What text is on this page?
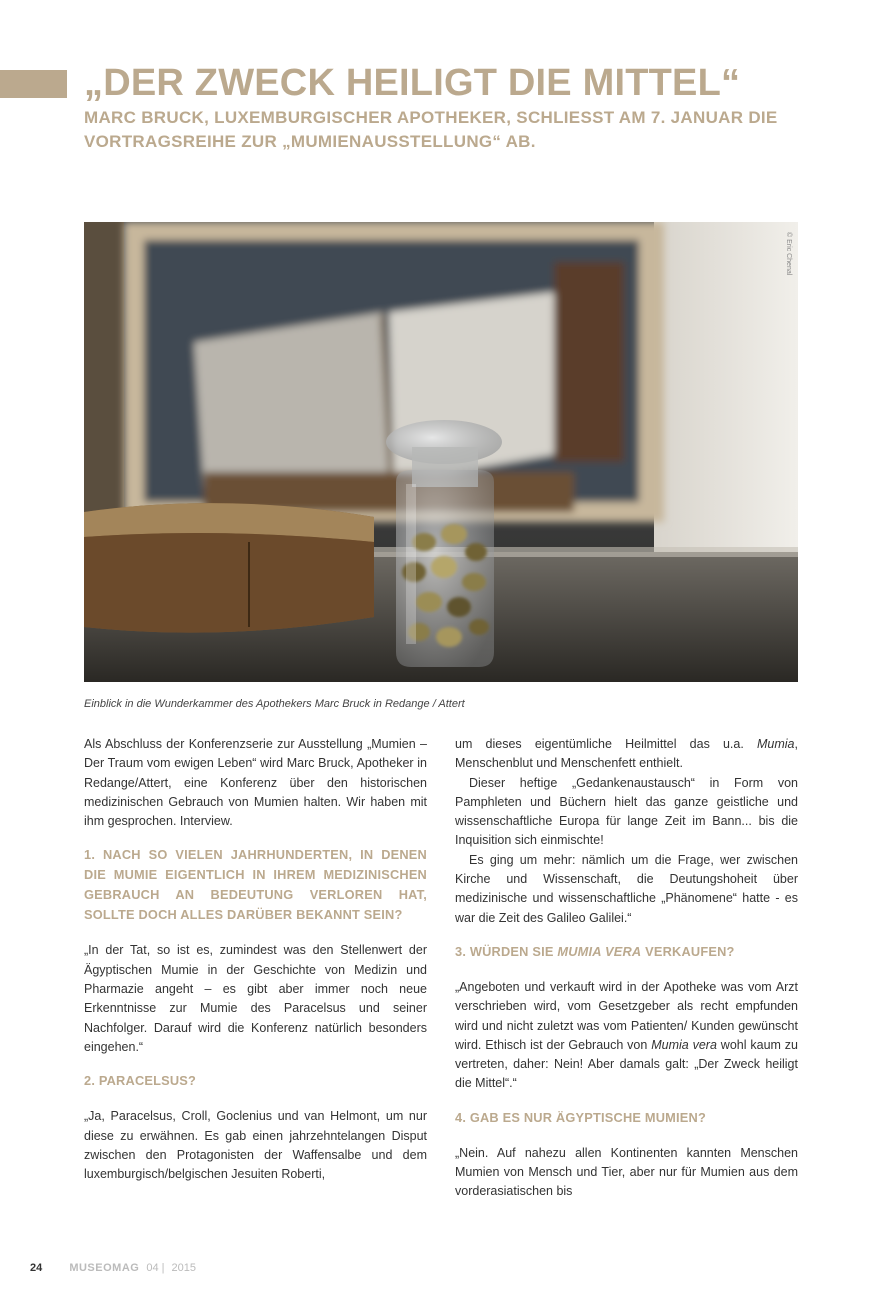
„DER ZWECK HEILIGT DIE MITTEL“
MARC BRUCK, LUXEMBURGISCHER APOTHEKER, SCHLIESST AM 7. JANUAR DIE VORTRAGSREIHE ZUR „MUMIENAUSSTELLUNG“ AB.
© Eric Chenal

Einblick in die Wunderkammer des Apothekers Marc Bruck in Redange / Attert

Als Abschluss der Konferenzserie zur Ausstellung „Mumien – Der Traum vom ewigen Leben“ wird Marc Bruck, Apotheker in Redange/Attert, eine Konferenz über den historischen medizinischen Gebrauch von Mumien halten. Wir haben mit ihm gesprochen. Interview.

1. NACH SO VIELEN JAHRHUNDERTEN, IN DENEN DIE MUMIE EIGENTLICH IN IHREM MEDIZINISCHEN GEBRAUCH AN BEDEUTUNG VERLOREN HAT, SOLLTE DOCH ALLES DARÜBER BEKANNT SEIN?

„In der Tat, so ist es, zumindest was den Stellenwert der Ägyptischen Mumie in der Geschichte von Medizin und Pharmazie angeht – es gibt aber immer noch neue Erkenntnisse zur Mumie des Paracelsus und seiner Nachfolger. Darauf wird die Konferenz natürlich besonders eingehen.“

2. PARACELSUS?

„Ja, Paracelsus, Croll, Goclenius und van Helmont, um nur diese zu erwähnen. Es gab einen jahrzehntelangen Disput zwischen den Protagonisten der Waffensalbe und dem luxemburgisch/belgischen Jesuiten Roberti,

um dieses eigentümliche Heilmittel das u.a. Mumia, Menschenblut und Menschenfett enthielt.

Dieser heftige „Gedankenaustausch“ in Form von Pamphleten und Büchern hielt das ganze geistliche und wissenschaftliche Europa für lange Zeit im Bann... bis die Inquisition sich einmischte!

Es ging um mehr: nämlich um die Frage, wer zwischen Kirche und Wissenschaft, die Deutungshoheit über medizinische und wissenschaftliche „Phänomene“ hatte - es war die Zeit des Galileo Galilei.“

3. WÜRDEN SIE MUMIA VERA VERKAUFEN?

„Angeboten und verkauft wird in der Apotheke was vom Arzt verschrieben wird, vom Gesetzgeber als recht empfunden wird und nicht zuletzt was vom Patienten/ Kunden gewünscht wird. Ethisch ist der Gebrauch von Mumia vera wohl kaum zu vertreten, daher: Nein! Aber damals galt: „Der Zweck heiligt die Mittel“.“

4. GAB ES NUR ÄGYPTISCHE MUMIEN?

„Nein. Auf nahezu allen Kontinenten kannten Menschen Mumien von Mensch und Tier, aber nur für Mumien aus dem vorderasiatischen bis

24 MUSEOMAG 04 | 2015
